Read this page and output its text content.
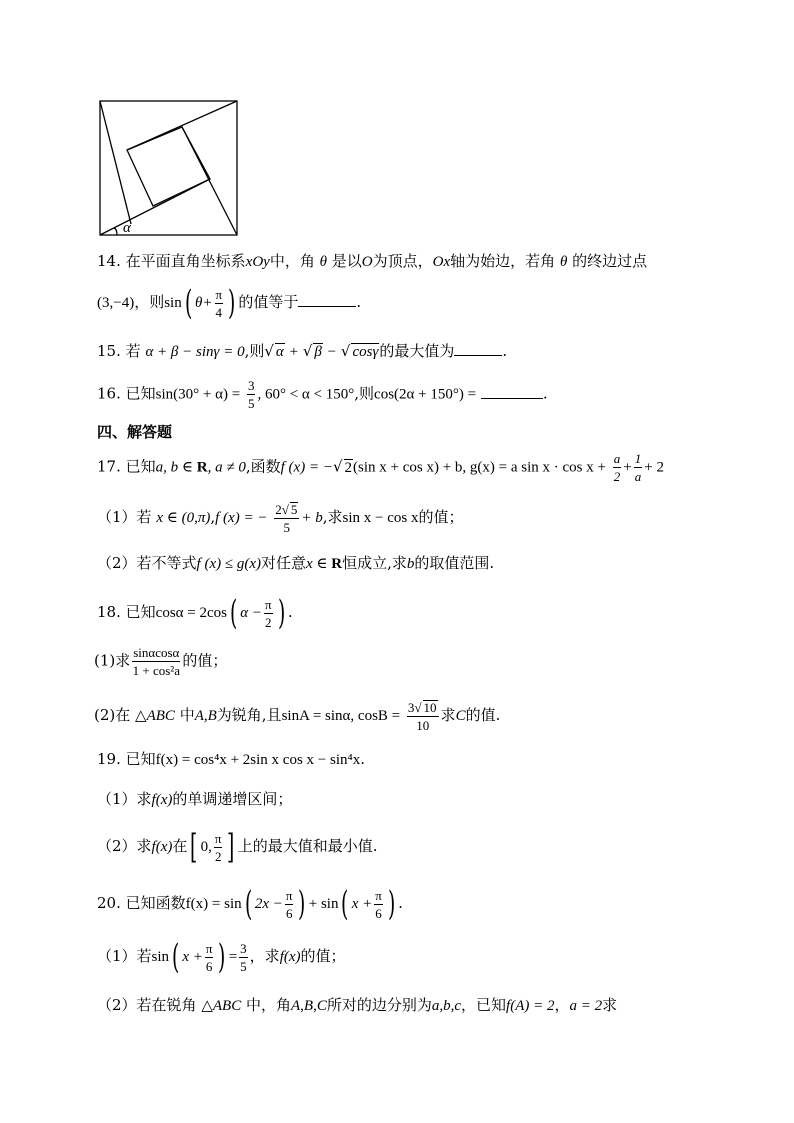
α
14. 在平面直角坐标系xOy中，角 θ 是以O为顶点，Ox轴为始边，若角 θ 的终边过点
(3,−4)，则sin( $\theta+ \frac{\pi}{4}$ ) 的值等于	.
15. 若 α + β − sinγ = 0,则√ α + √ β − √ cosγ的最大值为	.
16. 已知$\sin(30^\circ + \alpha) = \frac{3}{5}$ , 60° < α < 150°,则cos(2α + 150°) =	.
四、解答题
17. 已知a, b ∈ R, a ≠ 0,函数f (x) = −√ 2(sin x + cos x) + b, g(x) = a $\sin x \cdot \cos x + \frac{a}{2} + \frac{1}{a} + 2$
（1）若 x ∈ (0,π),f (x) = − $\frac{2√ 5}{5} + b$,求sin x − cos x的值；
（2）若不等式f (x) ≤ g(x)对任意x ∈ R恒成立,求b的取值范围.
18. 已知cosα = 2cos( $\alpha - \frac{\pi}{2}$ ) .
(1)求 $\frac{\sin\alpha\cos\alpha}{\text{1 + cos²a}}$ 的值；
(2)在 △ABC 中A,B为锐角,且sinA = sinα, $\cos B = \frac{3√ 10}{10}$ 求C的值.
19. 已知f(x) = cos⁴x + 2sin x cos x − sin⁴x.
（1）求f(x)的单调递增区间；
（2）求f(x)在[ 0, $\frac{\pi}{2}$ ] 上的最大值和最小值.
20. 已知函数f(x) = sin( $2x - \frac{\pi}{6}$ ) + sin( $x + \frac{\pi}{6}$ ) .
（1）若sin( $x + \frac{\pi}{6}$ ) = $\frac{3}{5}$ ，求f(x)的值；
（2）若在锐角 △ABC 中，角A,B,C所对的边分别为a,b,c，已知f(A) = 2，a = 2求
